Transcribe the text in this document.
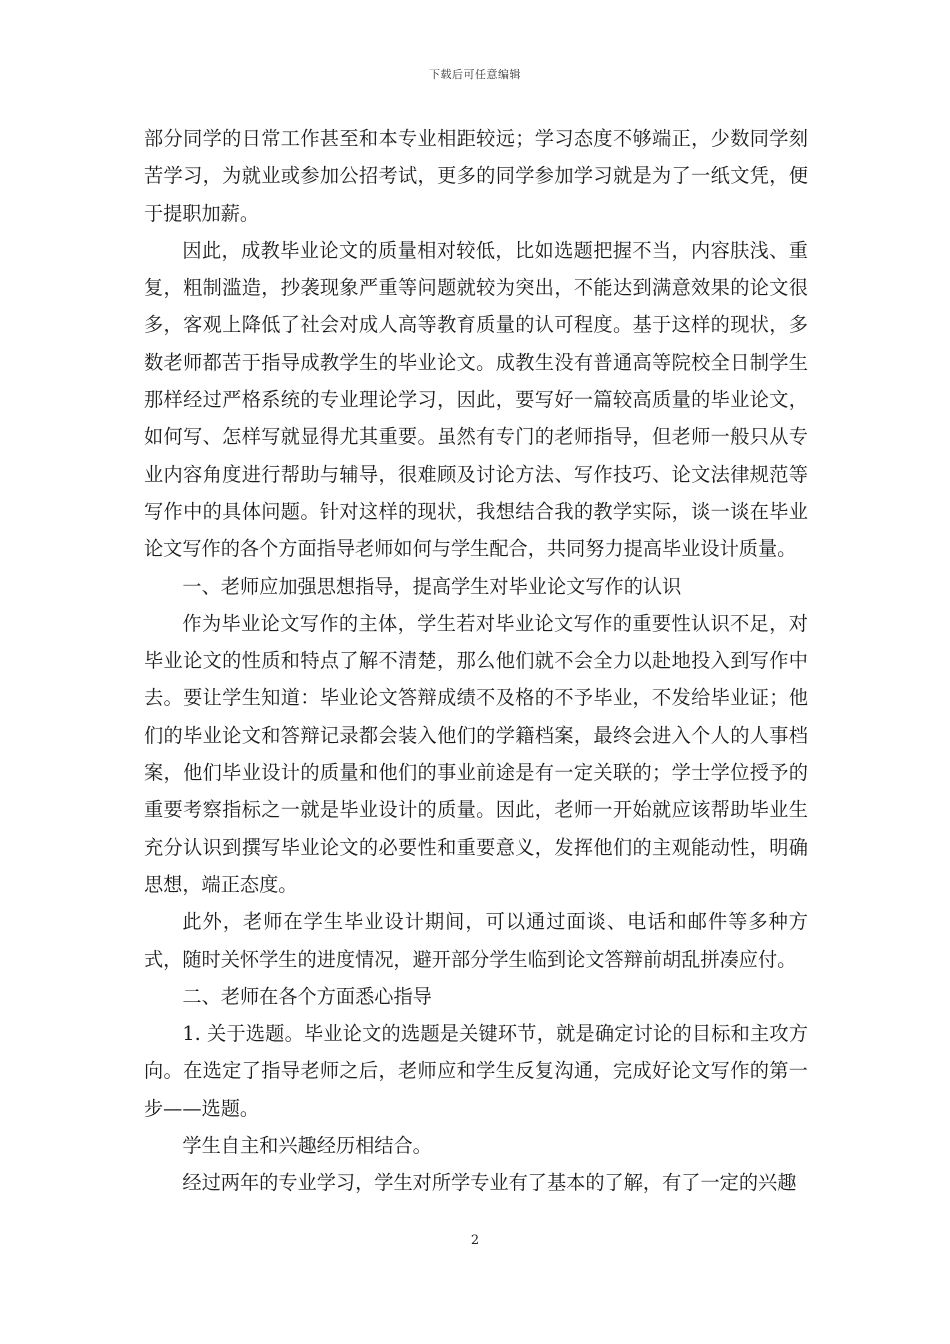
下载后可任意编辑

部分同学的日常工作甚至和本专业相距较远；学习态度不够端正，少数同学刻苦学习，为就业或参加公招考试，更多的同学参加学习就是为了一纸文凭，便于提职加薪。

因此，成教毕业论文的质量相对较低，比如选题把握不当，内容肤浅、重复，粗制滥造，抄袭现象严重等问题就较为突出，不能达到满意效果的论文很多，客观上降低了社会对成人高等教育质量的认可程度。基于这样的现状，多数老师都苦于指导成教学生的毕业论文。成教生没有普通高等院校全日制学生那样经过严格系统的专业理论学习，因此，要写好一篇较高质量的毕业论文，如何写、怎样写就显得尤其重要。虽然有专门的老师指导，但老师一般只从专业内容角度进行帮助与辅导，很难顾及讨论方法、写作技巧、论文法律规范等写作中的具体问题。针对这样的现状，我想结合我的教学实际，谈一谈在毕业论文写作的各个方面指导老师如何与学生配合，共同努力提高毕业设计质量。

一、老师应加强思想指导，提高学生对毕业论文写作的认识

作为毕业论文写作的主体，学生若对毕业论文写作的重要性认识不足，对毕业论文的性质和特点了解不清楚，那么他们就不会全力以赴地投入到写作中去。要让学生知道：毕业论文答辩成绩不及格的不予毕业，不发给毕业证；他们的毕业论文和答辩记录都会装入他们的学籍档案，最终会进入个人的人事档案，他们毕业设计的质量和他们的事业前途是有一定关联的；学士学位授予的重要考察指标之一就是毕业设计的质量。因此，老师一开始就应该帮助毕业生充分认识到撰写毕业论文的必要性和重要意义，发挥他们的主观能动性，明确思想，端正态度。

此外，老师在学生毕业设计期间，可以通过面谈、电话和邮件等多种方式，随时关怀学生的进度情况，避开部分学生临到论文答辩前胡乱拼凑应付。

二、老师在各个方面悉心指导

1. 关于选题。毕业论文的选题是关键环节，就是确定讨论的目标和主攻方向。在选定了指导老师之后，老师应和学生反复沟通，完成好论文写作的第一步——选题。

学生自主和兴趣经历相结合。

经过两年的专业学习，学生对所学专业有了基本的了解，有了一定的兴趣

2
